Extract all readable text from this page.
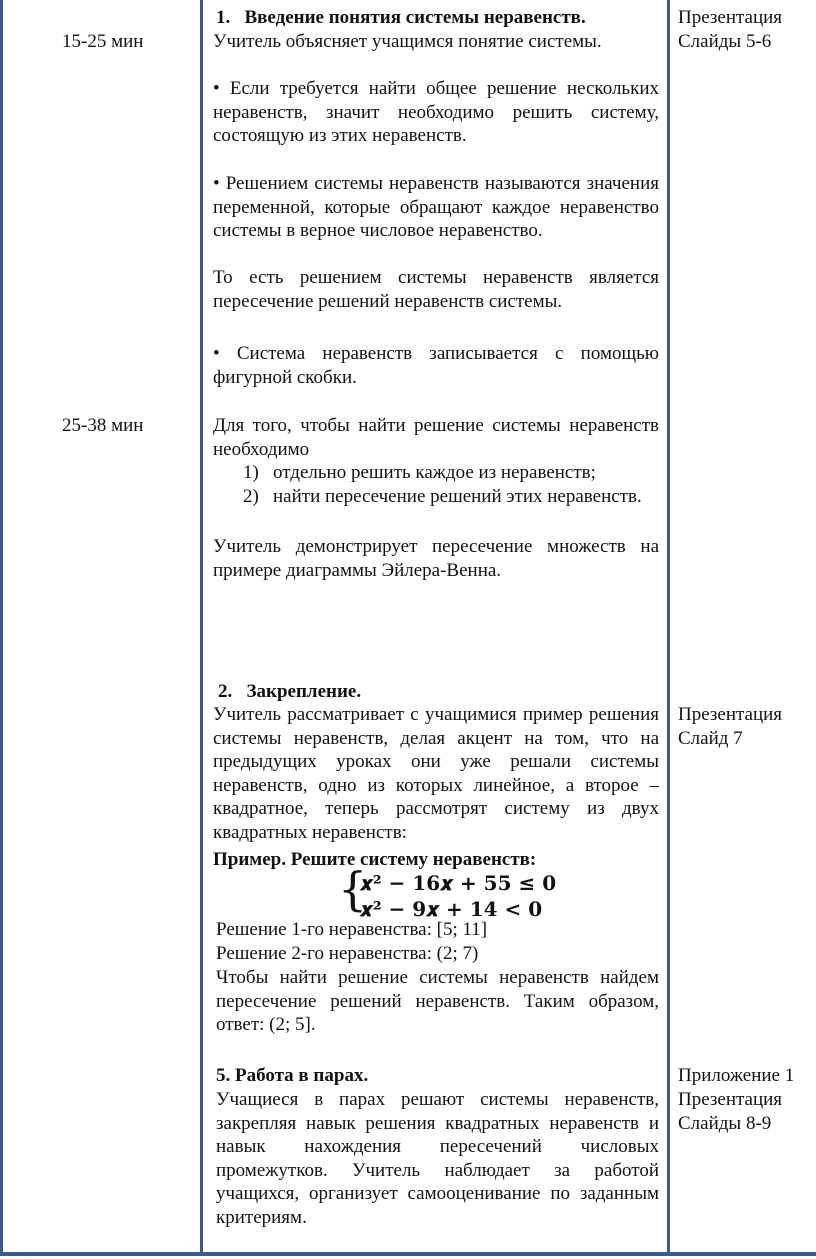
15-25 мин
25-38 мин
1. Введение понятия системы неравенств.
Учитель объясняет учащимся понятие системы.
• Если требуется найти общее решение нескольких неравенств, значит необходимо решить систему, состоящую из этих неравенств.
• Решением системы неравенств называются значения переменной, которые обращают каждое неравенство системы в верное числовое неравенство.
То есть решением системы неравенств является пересечение решений неравенств системы.
• Система неравенств записывается с помощью фигурной скобки.
Для того, чтобы найти решение системы неравенств необходимо
1) отдельно решить каждое из неравенств;
2) найти пересечение решений этих неравенств.
Учитель демонстрирует пересечение множеств на примере диаграммы Эйлера-Венна.
2. Закрепление.
Учитель рассматривает с учащимися пример решения системы неравенств, делая акцент на том, что на предыдущих уроках они уже решали системы неравенств, одно из которых линейное, а второе – квадратное, теперь рассмотрят систему из двух квадратных неравенств:
Пример. Решите систему неравенств:
{
𝒙² − 𝟏𝟔𝒙 + 𝟓𝟓 ≤ 𝟎
𝒙² − 𝟗𝒙 + 𝟏𝟒 < 𝟎
Решение 1-го неравенства: [5; 11]
Решение 2-го неравенства: (2; 7)
Чтобы найти решение системы неравенств найдем пересечение решений неравенств. Таким образом, ответ: (2; 5].
5. Работа в парах.
Учащиеся в парах решают системы неравенств, закрепляя навык решения квадратных неравенств и навык нахождения пересечений числовых промежутков. Учитель наблюдает за работой учащихся, организует самооценивание по заданным критериям.
Презентация
Слайды 5-6
Презентация
Слайд 7
Приложение 1
Презентация
Слайды 8-9
